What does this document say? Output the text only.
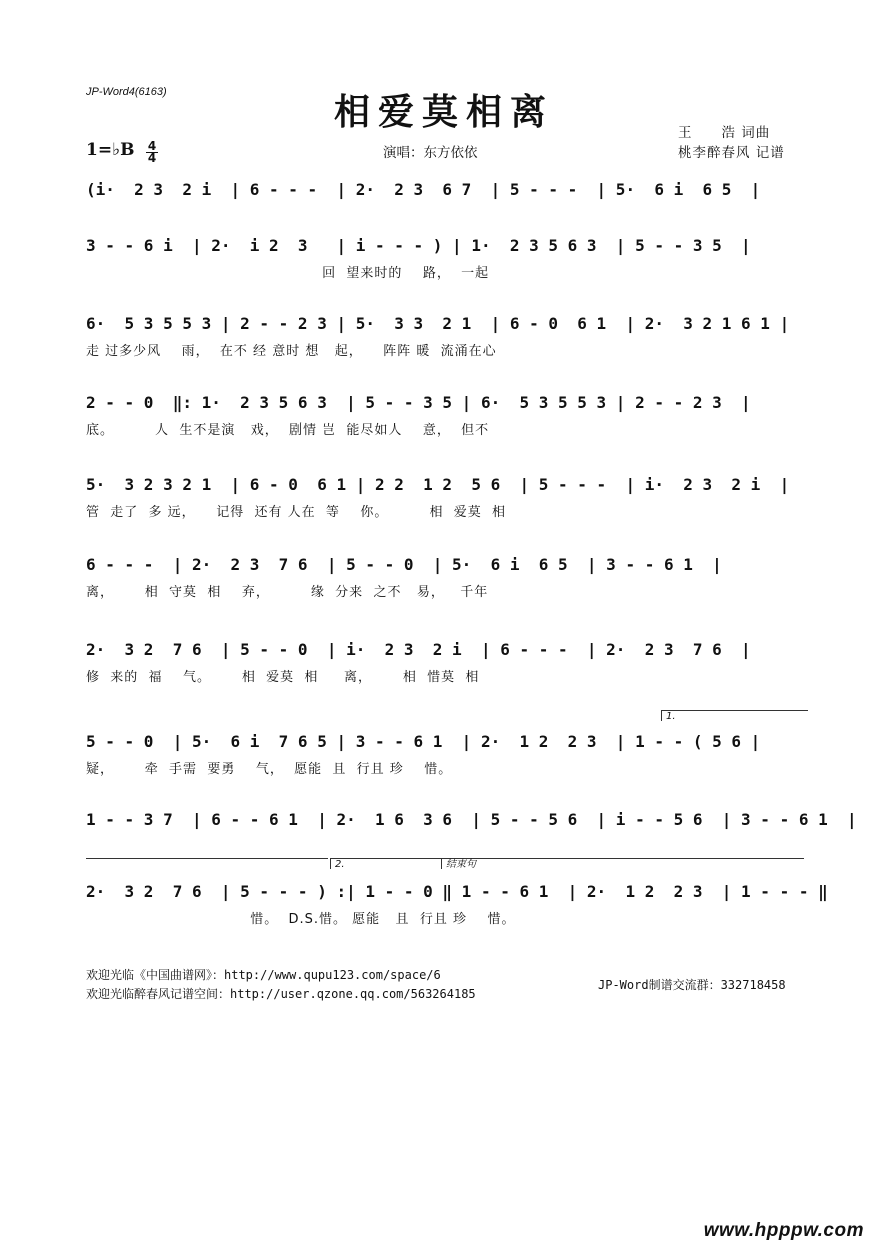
JP-Word4(6163)	相爱莫相离	王　　浩 词曲
桃李醉春风 记谱
1=♭B 4
4	演唱：东方依依
(i·  2 3  2 i  | 6 - - -  | 2·  2 3  6 7  | 5 - - -  | 5·  6 i  6 5  |
3 - - 6 i  | 2·  i 2  3   | i - - - ) | 1·  2 3 5 6 3  | 5 - - 3 5  |
回  望来时的    路，  一起
6·  5 3 5 5 3 | 2 - - 2 3 | 5·  3 3  2 1  | 6 - 0  6 1  | 2·  3 2 1 6 1 |
走 过多少风    雨，  在不 经 意时 想   起，    阵阵 暖  流涌在心
2 - - 0  ‖: 1·  2 3 5 6 3  | 5 - - 3 5 | 6·  5 3 5 5 3 | 2 - - 2 3  |
底。        人  生不是演   戏，  剧情 岂  能尽如人    意，  但不
5·  3 2 3 2 1  | 6 - 0  6 1 | 2 2  1 2  5 6  | 5 - - -  | i·  2 3  2 i  |
管  走了  多 远，    记得  还有 人在  等    你。        相  爱莫  相
6 - - -  | 2·  2 3  7 6  | 5 - - 0  | 5·  6 i  6 5  | 3 - - 6 1  |
离，      相  守莫  相    弃，        缘  分来  之不   易，   千年
2·  3 2  7 6  | 5 - - 0  | i·  2 3  2 i  | 6 - - -  | 2·  2 3  7 6  |
修  来的  福    气。      相  爱莫  相     离，      相  惜莫  相
1.
5 - - 0  | 5·  6 i  7 6 5 | 3 - - 6 1  | 2·  1 2  2 3  | 1 - - ( 5 6 |
疑，      牵  手需  要勇    气，  愿能  且  行且 珍    惜。
1 - - 3 7  | 6 - - 6 1  | 2·  1 6  3 6  | 5 - - 5 6  | i - - 5 6  | 3 - - 6 1  |
2.	结束句
2·  3 2  7 6  | 5 - - - ) :| 1 - - 0 ‖ 1 - - 6 1  | 2·  1 2  2 3  | 1 - - - ‖
惜。  D.S.惜。 愿能   且  行且 珍    惜。
欢迎光临《中国曲谱网》：http://www.qupu123.com/space/6
欢迎光临醉春风记谱空间：http://user.qzone.qq.com/563264185
JP-Word制谱交流群：332718458
www.hpppw.com
